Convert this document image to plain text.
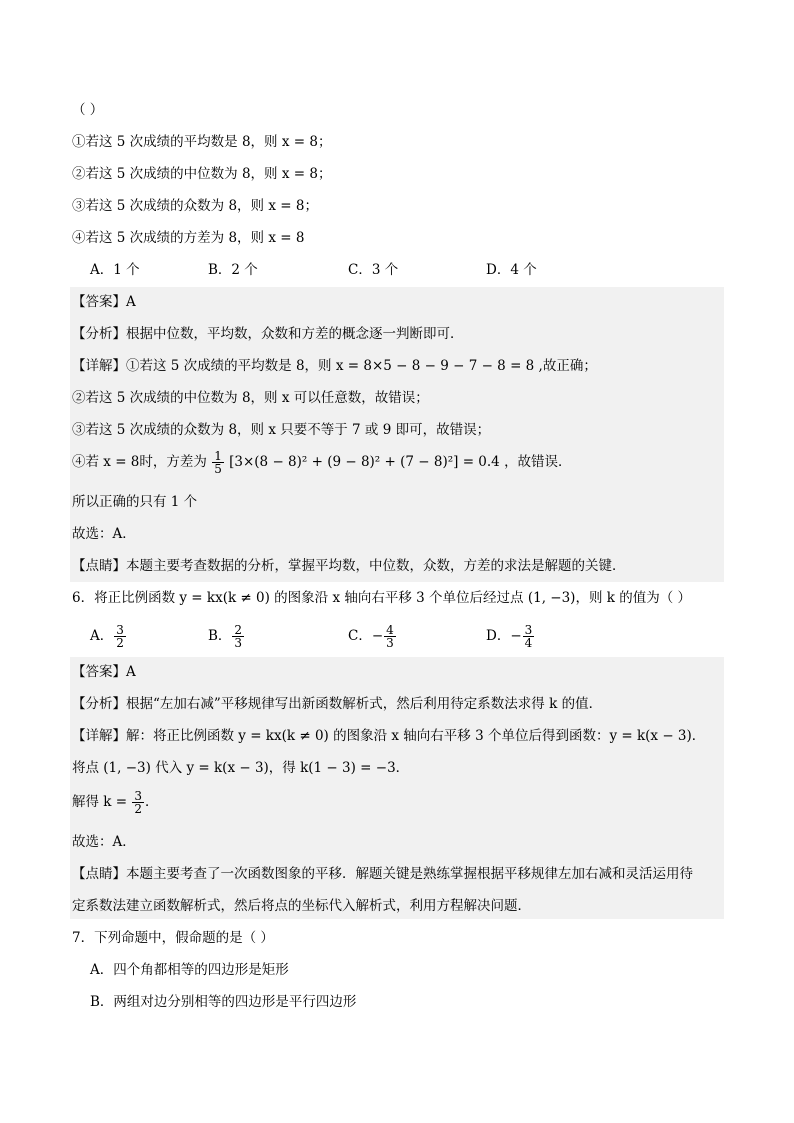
（ ）
①若这 5 次成绩的平均数是 8，则 x = 8；
②若这 5 次成绩的中位数为 8，则 x = 8；
③若这 5 次成绩的众数为 8，则 x = 8；
④若这 5 次成绩的方差为 8，则 x = 8
A．1 个	B．2 个	C．3 个	D．4 个
【答案】A
【分析】根据中位数，平均数，众数和方差的概念逐一判断即可．
【详解】①若这 5 次成绩的平均数是 8，则 x = 8×5 − 8 − 9 − 7 − 8 = 8 ,故正确；
②若这 5 次成绩的中位数为 8，则 x 可以任意数，故错误；
③若这 5 次成绩的众数为 8，则 x 只要不等于 7 或 9 即可，故错误；
④若 x = 8时，方差为 $\frac{1}{5} [3\times(8 - 8)^2 + (9 - 8)^2 + (7 - 8)^2] = 0.4$ ，故错误．
所以正确的只有 1 个
故选：A．
【点睛】本题主要考查数据的分析，掌握平均数，中位数，众数，方差的求法是解题的关键．
6．将正比例函数 y = kx(k ≠ 0) 的图象沿 x 轴向右平移 3 个单位后经过点 (1, −3)，则 k 的值为（ ）
A． $\frac{3}{2}$	B． $\frac{2}{3}$	C．− $\frac{4}{3}$	D．− $\frac{3}{4}$
【答案】A
【分析】根据“左加右减”平移规律写出新函数解析式，然后利用待定系数法求得 k 的值．
【详解】解：将正比例函数 y = kx(k ≠ 0) 的图象沿 x 轴向右平移 3 个单位后得到函数：y = k(x − 3)．
将点 (1, −3) 代入 y = k(x − 3)，得 k(1 − 3) = −3．
解得 $k = \frac{3}{2}$ ．
故选：A．
【点睛】本题主要考查了一次函数图象的平移．解题关键是熟练掌握根据平移规律左加右减和灵活运用待
定系数法建立函数解析式，然后将点的坐标代入解析式，利用方程解决问题．
7．下列命题中，假命题的是（ ）
A．四个角都相等的四边形是矩形
B．两组对边分别相等的四边形是平行四边形
